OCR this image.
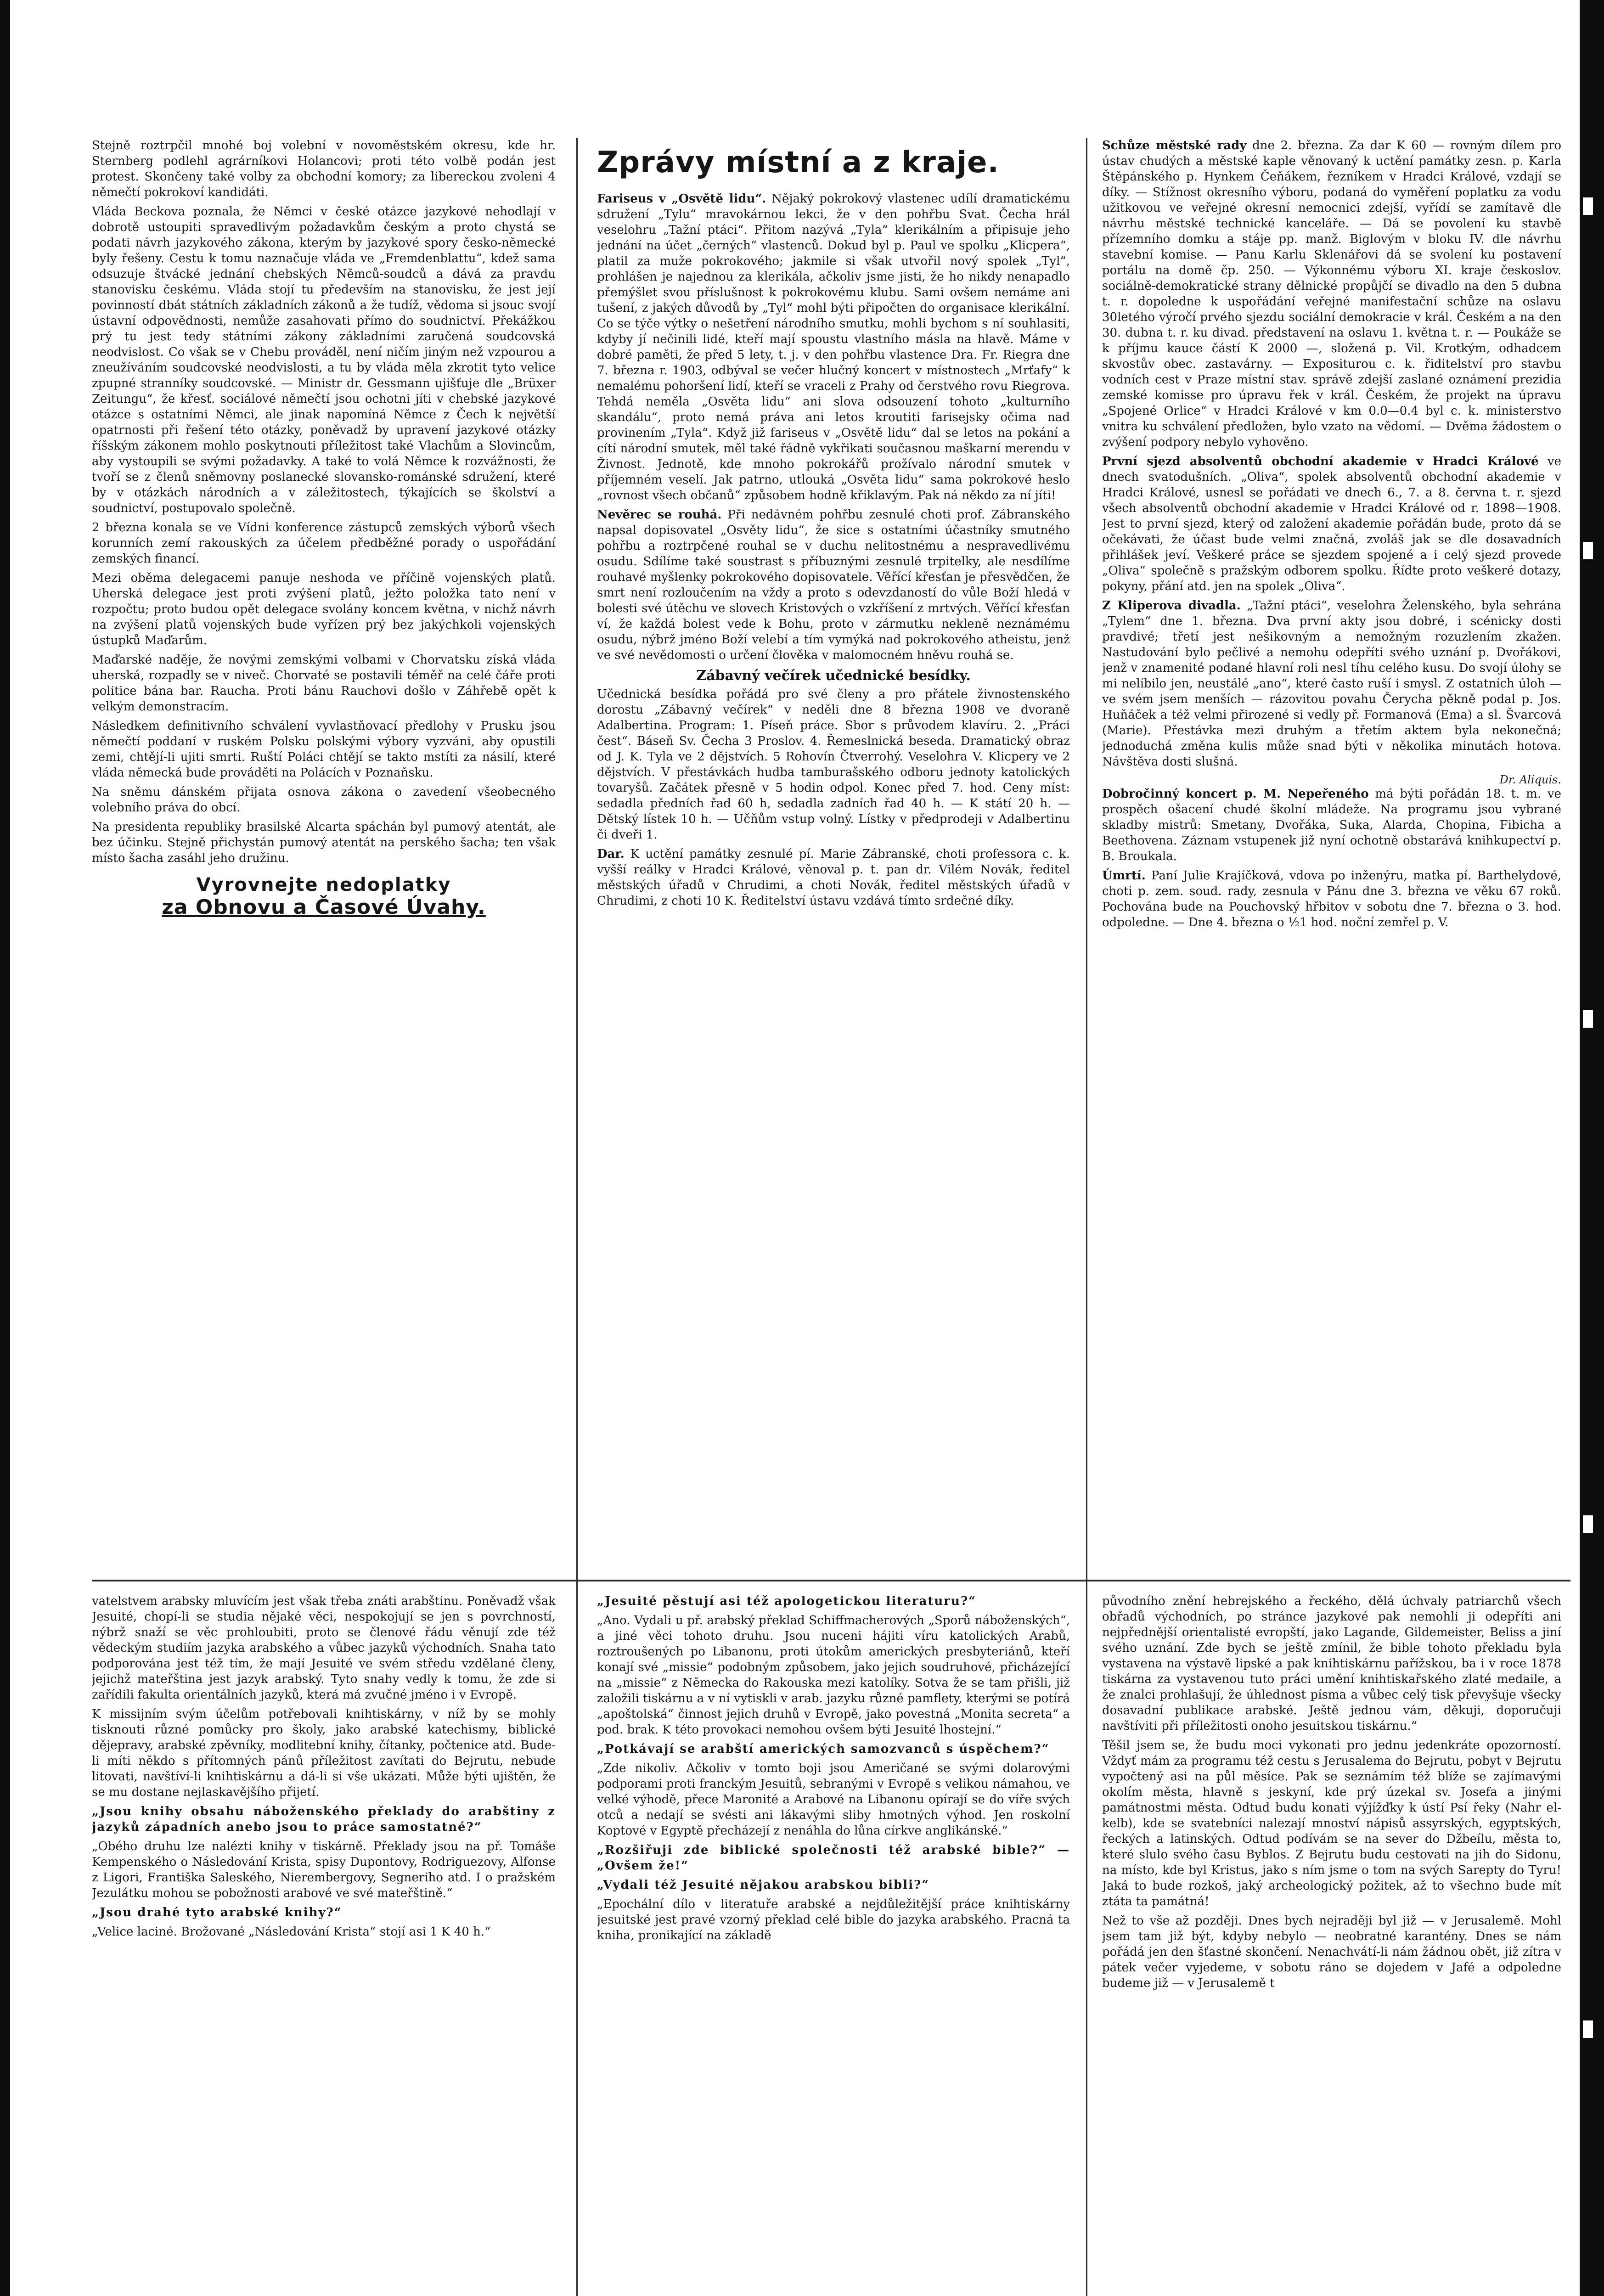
Stejně roztrpčil mnohé boj volební v novoměstském okresu, kde hr. Sternberg podlehl agrárníkovi Holancovi; proti této volbě podán jest protest. Skončeny také volby za obchodní komory; za libereckou zvoleni 4 němečtí pokrokoví kandidáti.

Vláda Beckova poznala, že Němci v české otázce jazykové nehodlají v dobrotě ustoupiti spravedlivým požadavkům českým a proto chystá se podati návrh jazykového zákona, kterým by jazykové spory česko-německé byly řešeny. Cestu k tomu naznačuje vláda ve „Fremdenblattu“, kdež sama odsuzuje štvácké jednání chebských Němců-soudců a dává za pravdu stanovisku českému. Vláda stojí tu především na stanovisku, že jest její povinností dbát státních základních zákonů a že tudíž, vědoma si jsouc svojí ústavní odpovědnosti, nemůže zasahovati přímo do soudnictví. Překážkou prý tu jest tedy státními zákony základními zaručená soudcovská neodvislost. Co však se v Chebu prováděl, není ničím jiným než vzpourou a zneužíváním soudcovské neodvislosti, a tu by vláda měla zkrotit tyto velice zpupné stranníky soudcovské. — Ministr dr. Gessmann ujišťuje dle „Brüxer Zeitungu“, že křesť. sociálové němečtí jsou ochotni jíti v chebské jazykové otázce s ostatními Němci, ale jinak napomíná Němce z Čech k největší opatrnosti při řešení této otázky, poněvadž by upravení jazykové otázky říšským zákonem mohlo poskytnouti příležitost také Vlachům a Slovincům, aby vystoupili se svými požadavky. A také to volá Němce k rozvážnosti, že tvoří se z členů sněmovny poslanecké slovansko-románské sdružení, které by v otázkách národních a v záležitostech, týkajících se školství a soudnictví, postupovalo společně.

2 března konala se ve Vídni konference zástupců zemských výborů všech korunních zemí rakouských za účelem předběžné porady o uspořádání zemských financí.

Mezi oběma delegacemi panuje neshoda ve příčině vojenských platů. Uherská delegace jest proti zvýšení platů, ježto položka tato není v rozpočtu; proto budou opět delegace svolány koncem května, v nichž návrh na zvýšení platů vojenských bude vyřízen prý bez jakýchkoli vojenských ústupků Maďarům.

Maďarské naděje, že novými zemskými volbami v Chorvatsku získá vláda uherská, rozpadly se v niveč. Chorvaté se postavili téměř na celé čáře proti politice bána bar. Raucha. Proti bánu Rauchovi došlo v Záhřebě opět k velkým demonstracím.

Následkem definitivního schválení vyvlastňovací předlohy v Prusku jsou němečtí poddaní v ruském Polsku polskými výbory vyzváni, aby opustili zemi, chtějí-li ujiti smrti. Ruští Poláci chtějí se takto mstíti za násilí, které vláda německá bude prováděti na Polácích v Poznaňsku.

Na sněmu dánském přijata osnova zákona o zavedení všeobecného volebního práva do obcí.

Na presidenta republiky brasilské Alcarta spáchán byl pumový atentát, ale bez účinku. Stejně přichystán pumový atentát na perského šacha; ten však místo šacha zasáhl jeho družinu.

Vyrovnejte nedoplatky
za Obnovu a Časové Úvahy.
Zprávy místní a z kraje.

Fariseus v „Osvětě lidu“. Nějaký pokrokový vlastenec udílí dramatickému sdružení „Tylu“ mravokárnou lekci, že v den pohřbu Svat. Čecha hrál veselohru „Tažní ptáci“. Přitom nazývá „Tyla“ klerikálním a připisuje jeho jednání na účet „černých“ vlastenců. Dokud byl p. Paul ve spolku „Klicpera“, platil za muže pokrokového; jakmile si však utvořil nový spolek „Tyl“, prohlášen je najednou za klerikála, ačkoliv jsme jisti, že ho nikdy nenapadlo přemýšlet svou příslušnost k pokrokovému klubu. Sami ovšem nemáme ani tušení, z jakých důvodů by „Tyl“ mohl býti připočten do organisace klerikální. Co se týče výtky o nešetření národního smutku, mohli bychom s ní souhlasiti, kdyby jí nečinili lidé, kteří mají spoustu vlastního másla na hlavě. Máme v dobré paměti, že před 5 lety, t. j. v den pohřbu vlastence Dra. Fr. Riegra dne 7. března r. 1903, odbýval se večer hlučný koncert v místnostech „Mrťafy“ k nemalému pohoršení lidí, kteří se vraceli z Prahy od čerstvého rovu Riegrova. Tehdá neměla „Osvěta lidu“ ani slova odsouzení tohoto „kulturního skandálu“, proto nemá práva ani letos kroutiti farisejsky očima nad provinením „Tyla“. Když již fariseus v „Osvětě lidu“ dal se letos na pokání a cítí národní smutek, měl také řádně vykřikati současnou maškarní merendu v Živnost. Jednotě, kde mnoho pokrokářů prožívalo národní smutek v příjemném veselí. Jak patrno, utlouká „Osvěta lidu“ sama pokrokové heslo „rovnost všech občanů“ způsobem hodně křiklavým. Pak ná někdo za ní jíti!

Nevěrec se rouhá. Při nedávném pohřbu zesnulé choti prof. Zábranského napsal dopisovatel „Osvěty lidu“, že sice s ostatními účastníky smutného pohřbu a roztrpčené rouhal se v duchu nelitostnému a nespravedlivému osudu. Sdílíme také soustrast s příbuznými zesnulé trpitelky, ale nesdílíme rouhavé myšlenky pokrokového dopisovatele. Věřící křesťan je přesvědčen, že smrt není rozloučením na vždy a proto s odevzdaností do vůle Boží hledá v bolesti své útěchu ve slovech Kristových o vzkříšení z mrtvých. Věřící křesťan ví, že každá bolest vede k Bohu, proto v zármutku nekleně neznámému osudu, nýbrž jméno Boží velebí a tím vymýká nad pokrokového atheistu, jenž ve své nevědomosti o určení člověka v malomocném hněvu rouhá se.

Zábavný večírek učednické besídky.

Učednická besídka pořádá pro své členy a pro přátele živnostenského dorostu „Zábavný večírek“ v neděli dne 8 března 1908 ve dvoraně Adalbertina. Program: 1. Píseň práce. Sbor s průvodem klavíru. 2. „Práci čest“. Báseň Sv. Čecha 3 Proslov. 4. Řemeslnická beseda. Dramatický obraz od J. K. Tyla ve 2 dějstvích. 5 Rohovín Čtverrohý. Veselohra V. Klicpery ve 2 dějstvích. V přestávkách hudba tamburašského odboru jednoty katolických tovaryšů. Začátek přesně v 5 hodin odpol. Konec před 7. hod. Ceny míst: sedadla předních řad 60 h, sedadla zadních řad 40 h. — K státí 20 h. — Dětský lístek 10 h. — Učňům vstup volný. Lístky v předprodeji v Adalbertinu či dveři 1.

Dar. K uctění památky zesnulé pí. Marie Zábranské, choti professora c. k. vyšší reálky v Hradci Králové, věnoval p. t. pan dr. Vilém Novák, ředitel městských úřadů v Chrudimi, a choti Novák, ředitel městských úřadů v Chrudimi, z choti 10 K. Ředitelství ústavu vzdává tímto srdečné díky.

Schůze městské rady dne 2. března. Za dar K 60 — rovným dílem pro ústav chudých a městské kaple věnovaný k uctění památky zesn. p. Karla Štěpánského p. Hynkem Čeňákem, řezníkem v Hradci Králové, vzdají se díky. — Stížnost okresního výboru, podaná do vyměření poplatku za vodu užitkovou ve veřejné okresní nemocnici zdejší, vyřídí se zamítavě dle návrhu městské technické kanceláře. — Dá se povolení ku stavbě přízemního domku a stáje pp. manž. Biglovým v bloku IV. dle návrhu stavební komise. — Panu Karlu Sklenářovi dá se svolení ku postavení portálu na domě čp. 250. — Výkonnému výboru XI. kraje českoslov. sociálně-demokratické strany dělnické propůjčí se divadlo na den 5 dubna t. r. dopoledne k uspořádání veřejné manifestační schůze na oslavu 30letého výročí prvého sjezdu sociální demokracie v král. Českém a na den 30. dubna t. r. ku divad. představení na oslavu 1. května t. r. — Poukáže se k příjmu kauce částí K 2000 —, složená p. Vil. Krotkým, odhadcem skvostův obec. zastavárny. — Expositurou c. k. řiditelství pro stavbu vodních cest v Praze místní stav. správě zdejší zaslané oznámení prezidia zemské komisse pro úpravu řek v král. Českém, že projekt na úpravu „Spojené Orlice“ v Hradci Králové v km 0.0—0.4 byl c. k. ministerstvo vnitra ku schválení předložen, bylo vzato na vědomí. — Dvěma žádostem o zvýšení podpory nebylo vyhověno.

První sjezd absolventů obchodní akademie v Hradci Králové ve dnech svatodušních. „Oliva“, spolek absolventů obchodní akademie v Hradci Králové, usnesl se pořádati ve dnech 6., 7. a 8. června t. r. sjezd všech absolventů obchodní akademie v Hradci Králové od r. 1898—1908. Jest to první sjezd, který od založení akademie pořádán bude, proto dá se očekávati, že účast bude velmi značná, zvoláš jak se dle dosavadních přihlášek jeví. Veškeré práce se sjezdem spojené a i celý sjezd provede „Oliva“ společně s pražským odborem spolku. Řídte proto veškeré dotazy, pokyny, přání atd. jen na spolek „Oliva“.

Z Kliperova divadla. „Tažní ptáci“, veselohra Želenského, byla sehrána „Tylem“ dne 1. března. Dva první akty jsou dobré, i scénicky dosti pravdivé; třetí jest nešikovným a nemožným rozuzlením zkažen. Nastudování bylo pečlivé a nemohu odepříti svého uznání p. Dvořákovi, jenž v znamenité podané hlavní roli nesl tíhu celého kusu. Do svojí úlohy se mi nelíbilo jen, neustálé „ano“, které často ruší i smysl. Z ostatních úloh — ve svém jsem menších — rázovitou povahu Čerycha pěkně podal p. Jos. Huňáček a též velmi přirozené si vedly př. Formanová (Ema) a sl. Švarcová (Marie). Přestávka mezi druhým a třetím aktem byla nekonečná; jednoduchá změna kulis může snad býti v několika minutách hotova. Návštěva dosti slušná.

Dr. Aliquis.

Dobročinný koncert p. M. Nepeřeného má býti pořádán 18. t. m. ve prospěch ošacení chudé školní mládeže. Na programu jsou vybrané skladby mistrů: Smetany, Dvořáka, Suka, Alarda, Chopina, Fibicha a Beethovena. Záznam vstupenek již nyní ochotně obstarává knihkupectví p. B. Broukala.

Úmrtí. Paní Julie Krajíčková, vdova po inženýru, matka pí. Barthelydové, choti p. zem. soud. rady, zesnula v Pánu dne 3. března ve věku 67 roků. Pochována bude na Pouchovský hřbitov v sobotu dne 7. března o 3. hod. odpoledne. — Dne 4. března o ½1 hod. noční zemřel p. V.

vatelstvem arabsky mluvícím jest však třeba znáti arabštinu. Poněvadž však Jesuité, chopí-li se studia nějaké věci, nespokojují se jen s povrchností, nýbrž snaží se věc prohloubiti, proto se členové řádu věnují zde též vědeckým studiím jazyka arabského a vůbec jazyků východních. Snaha tato podporována jest též tím, že mají Jesuité ve svém středu vzdělané členy, jejichž mateřština jest jazyk arabský. Tyto snahy vedly k tomu, že zde si zařídili fakulta orientálních jazyků, která má zvučné jméno i v Evropě.

K missijním svým účelům potřebovali knihtiskárny, v níž by se mohly tisknouti různé pomůcky pro školy, jako arabské katechismy, biblické dějepravy, arabské zpěvníky, modlitební knihy, čítanky, počtenice atd. Bude-li míti někdo s přítomných pánů příležitost zavítati do Bejrutu, nebude litovati, navštíví-li knihtiskárnu a dá-li si vše ukázati. Může býti ujištěn, že se mu dostane nejlaskavějšího přijetí.

„Jsou knihy obsahu náboženského překlady do arabštiny z jazyků západních anebo jsou to práce samostatné?“

„Obého druhu lze nalézti knihy v tiskárně. Překlady jsou na př. Tomáše Kempenského o Následování Krista, spisy Dupontovy, Rodriguezovy, Alfonse z Ligori, Františka Saleského, Nierembergovy, Segneriho atd. I o pražském Jezulátku mohou se pobožnosti arabové ve své mateřštině.“

„Jsou drahé tyto arabské knihy?“

„Velice laciné. Brožované „Následování Krista“ stojí asi 1 K 40 h.“

„Jesuité pěstují asi též apologetickou literaturu?“

„Ano. Vydali u př. arabský překlad Schiffmacherových „Sporů náboženských“, a jiné věci tohoto druhu. Jsou nuceni hájiti víru katolických Arabů, roztroušených po Libanonu, proti útokům amerických presbyteriánů, kteří konají své „missie“ podobným způsobem, jako jejich soudruhové, přicházející na „missie“ z Německa do Rakouska mezi katolíky. Sotva že se tam přišli, již založili tiskárnu a v ní vytiskli v arab. jazyku různé pamflety, kterými se potírá „apoštolská“ činnost jejich druhů v Evropě, jako povestná „Monita secreta“ a pod. brak. K této provokaci nemohou ovšem býti Jesuité lhostejní.“

„Potkávají se arabští amerických samozvanců s úspěchem?“

„Zde nikoliv. Ačkoliv v tomto boji jsou Američané se svými dolarovými podporami proti franckým Jesuitů, sebranými v Evropě s velikou námahou, ve velké výhodě, přece Maronité a Arabové na Libanonu opírají se do víře svých otců a nedají se svésti ani lákavými sliby hmotných výhod. Jen roskolní Koptové v Egyptě přecházejí z nenáhla do lůna církve anglikánské.“

„Rozšiřuji zde biblické společnosti též arabské bible?“ — „Ovšem že!“

„Vydali též Jesuité nějakou arabskou bibli?“

„Epochální dílo v literatuře arabské a nejdůležitější práce knihtiskárny jesuitské jest pravé vzorný překlad celé bible do jazyka arabského. Pracná ta kniha, pronikající na základě

původního znění hebrejského a řeckého, dělá úchvaly patriarchů všech obřadů východních, po stránce jazykové pak nemohli ji odepříti ani nejpřednější orientalisté evropští, jako Lagande, Gildemeister, Beliss a jiní svého uznání. Zde bych se ještě zmínil, že bible tohoto překladu byla vystavena na výstavě lipské a pak knihtiskárnu pařížskou, ba i v roce 1878 tiskárna za vystavenou tuto práci umění knihtiskařského zlaté medaile, a že znalci prohlašují, že úhlednost písma a vůbec celý tisk převyšuje všecky dosavadní publikace arabské. Ještě jednou vám, děkuji, doporučuji navštíviti při příležitosti onoho jesuitskou tiskárnu.“

Těšil jsem se, že budu moci vykonati pro jednu jedenkráte opozorností. Vždyť mám za programu též cestu s Jerusalema do Bejrutu, pobyt v Bejrutu vypočtený asi na půl měsíce. Pak se seznámím též blíže se zajímavými okolím města, hlavně s jeskyní, kde prý úzekal sv. Josefa a jinými památnostmi města. Odtud budu konati výjížďky k ústí Psí řeky (Nahr el-kelb), kde se svatebníci nalezají mnoství nápisů assyrských, egyptských, řeckých a latinských. Odtud podívám se na sever do Džbeílu, města to, které slulo svého času Byblos. Z Bejrutu budu cestovati na jih do Sidonu, na místo, kde byl Kristus, jako s ním jsme o tom na svých Sarepty do Tyru! Jaká to bude rozkoš, jaký archeologický požitek, až to všechno bude mít ztáta ta památná!

Než to vše až později. Dnes bych nejraději byl již — v Jerusalemě. Mohl jsem tam již být, kdyby nebylo — neobratné karantény. Dnes se nám pořádá jen den šťastné skončení. Nenachvátí-li nám žádnou obět, již zítra v pátek večer vyjedeme, v sobotu ráno se dojedem v Jafé a odpoledne budeme již — v Jerusalemě t
